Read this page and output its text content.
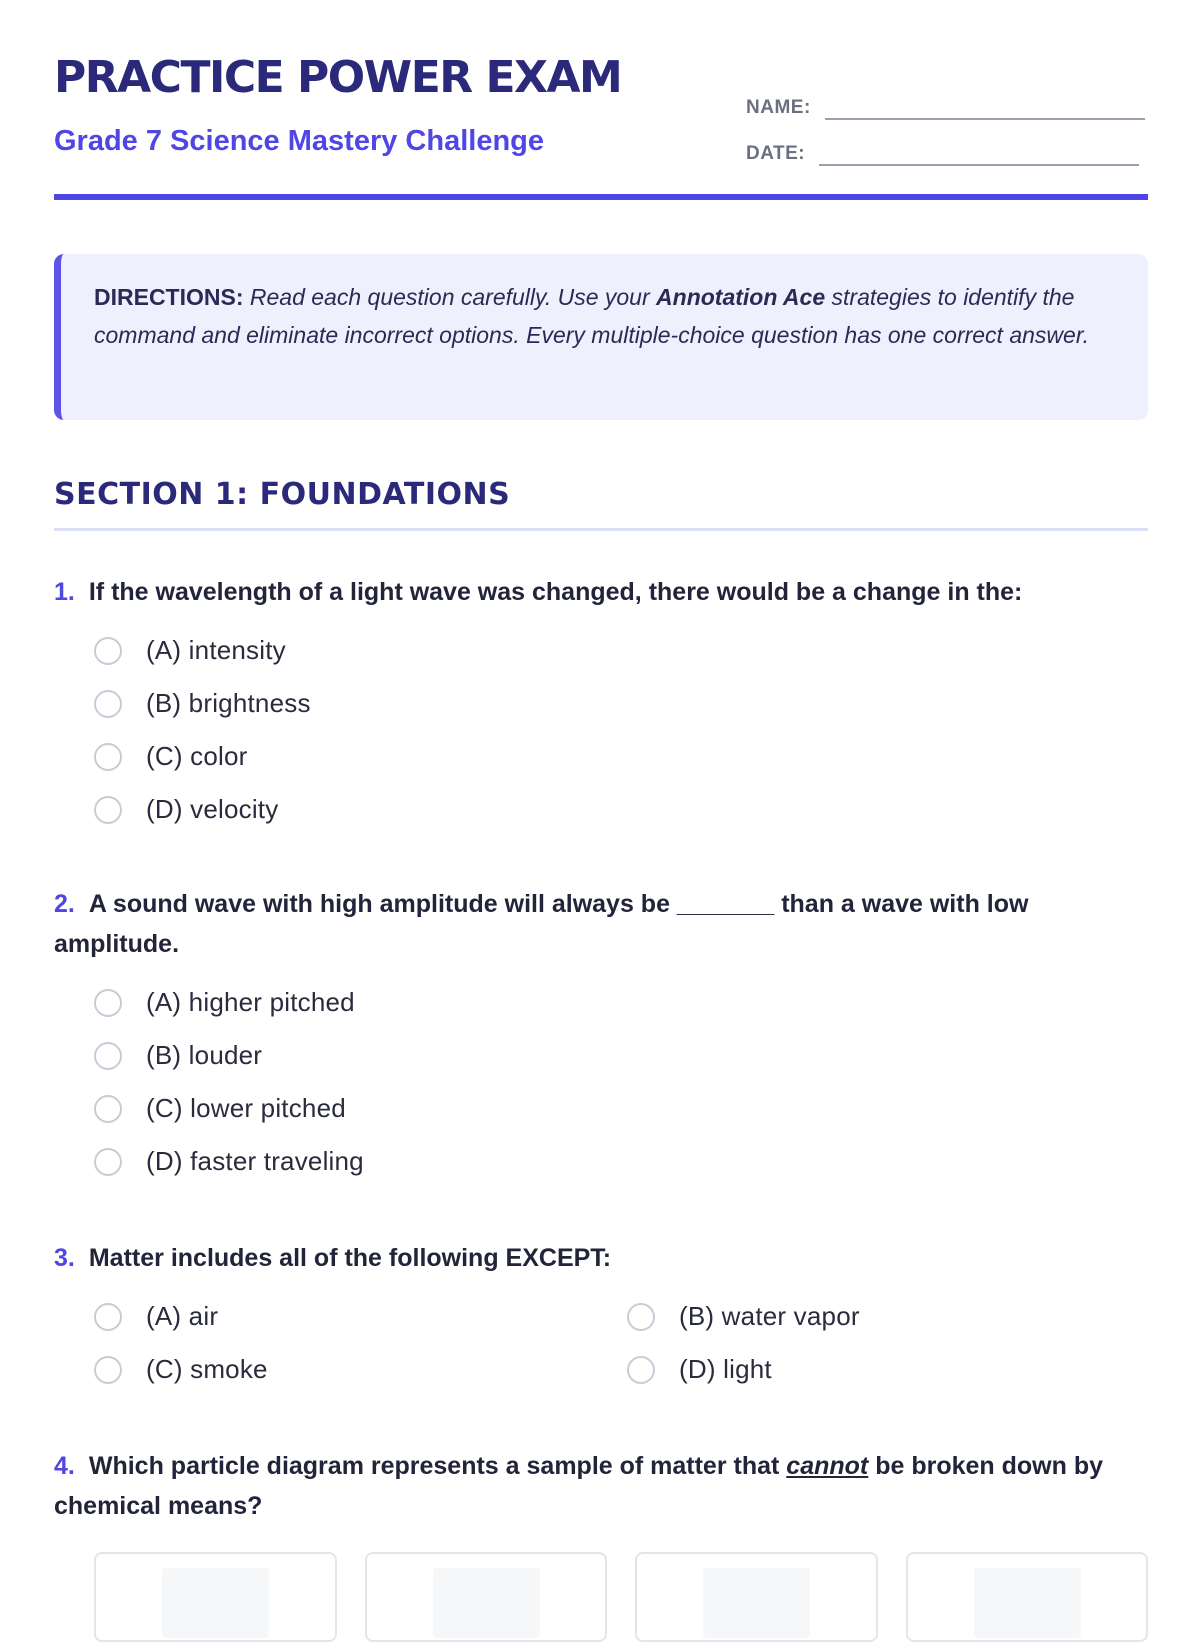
PRACTICE POWER EXAM
Grade 7 Science Mastery Challenge
NAME:
DATE:
DIRECTIONS: Read each question carefully. Use your Annotation Ace strategies to identify the command and eliminate incorrect options. Every multiple-choice question has one correct answer.
SECTION 1: FOUNDATIONS

1. If the wavelength of a light wave was changed, there would be a change in the:

(A) intensity
(B) brightness
(C) color
(D) velocity

2. A sound wave with high amplitude will always be _______ than a wave with low amplitude.

(A) higher pitched
(B) louder
(C) lower pitched
(D) faster traveling

3. Matter includes all of the following EXCEPT:

(A) air	(B) water vapor
(C) smoke	(D) light

4. Which particle diagram represents a sample of matter that cannot be broken down by chemical means?
